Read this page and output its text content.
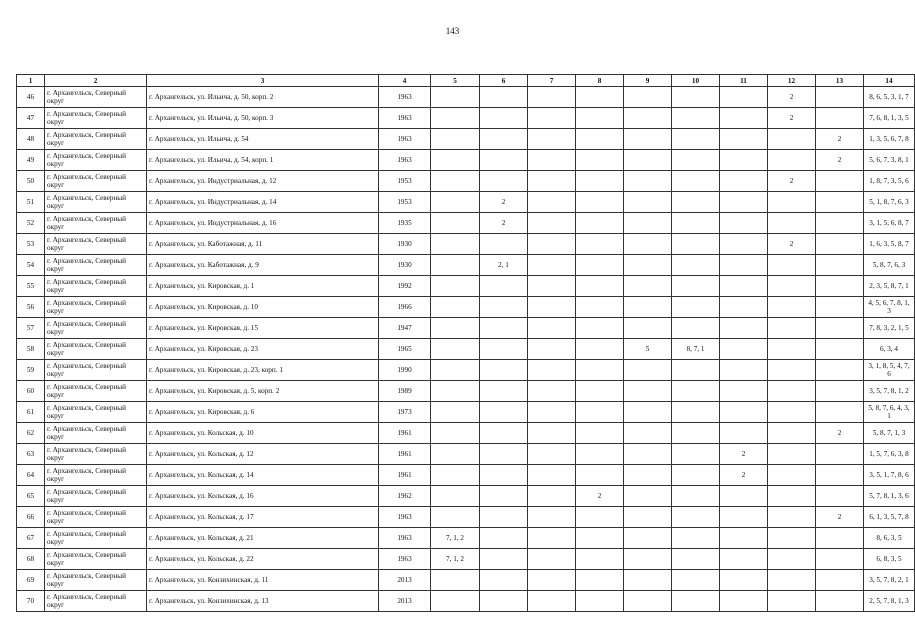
143
1	2	3	4	5	6	7	8	9	10	11	12	13	14
46	г. Архангельск, Северный округ	г. Архангельск, ул. Ильича, д. 50, корп. 2	1963								2		8, 6, 5, 3, 1, 7
47	г. Архангельск, Северный округ	г. Архангельск, ул. Ильича, д. 50, корп. 3	1963								2		7, 6, 8, 1, 3, 5
48	г. Архангельск, Северный округ	г. Архангельск, ул. Ильича, д. 54	1963									2	1, 3, 5, 6, 7, 8
49	г. Архангельск, Северный округ	г. Архангельск, ул. Ильича, д. 54, корп. 1	1963									2	5, 6, 7, 3, 8, 1
50	г. Архангельск, Северный округ	г. Архангельск, ул. Индустриальная, д. 12	1953								2		1, 8, 7, 3, 5, 6
51	г. Архангельск, Северный округ	г. Архангельск, ул. Индустриальная, д. 14	1953		2								5, 1, 8, 7, 6, 3
52	г. Архангельск, Северный округ	г. Архангельск, ул. Индустриальная, д. 16	1935		2								3, 1, 5, 6, 8, 7
53	г. Архангельск, Северный округ	г. Архангельск, ул. Каботажная, д. 11	1930								2		1, 6, 3, 5, 8, 7
54	г. Архангельск, Северный округ	г. Архангельск, ул. Каботажная, д. 9	1930		2, 1								5, 8, 7, 6, 3
55	г. Архангельск, Северный округ	г. Архангельск, ул. Кировская, д. 1	1992										2, 3, 5, 8, 7, 1
56	г. Архангельск, Северный округ	г. Архангельск, ул. Кировская, д. 10	1966										4, 5, 6, 7, 8, 1, 3
57	г. Архангельск, Северный округ	г. Архангельск, ул. Кировская, д. 15	1947										7, 8, 3, 2, 1, 5
58	г. Архангельск, Северный округ	г. Архангельск, ул. Кировская, д. 23	1965					5	8, 7, 1				6, 3, 4
59	г. Архангельск, Северный округ	г. Архангельск, ул. Кировская, д. 23, корп. 1	1990										3, 1, 8, 5, 4, 7, 6
60	г. Архангельск, Северный округ	г. Архангельск, ул. Кировская, д. 5, корп. 2	1989										3, 5, 7, 8, 1, 2
61	г. Архангельск, Северный округ	г. Архангельск, ул. Кировская, д. 6	1973										5, 8, 7, 6, 4, 3, 1
62	г. Архангельск, Северный округ	г. Архангельск, ул. Кольская, д. 10	1961									2	5, 8, 7, 1, 3
63	г. Архангельск, Северный округ	г. Архангельск, ул. Кольская, д. 12	1961							2			1, 5, 7, 6, 3, 8
64	г. Архангельск, Северный округ	г. Архангельск, ул. Кольская, д. 14	1961							2			3, 5, 1, 7, 8, 6
65	г. Архангельск, Северный округ	г. Архангельск, ул. Кольская, д. 16	1962				2						5, 7, 8, 1, 3, 6
66	г. Архангельск, Северный округ	г. Архангельск, ул. Кольская, д. 17	1963									2	6, 1, 3, 5, 7, 8
67	г. Архангельск, Северный округ	г. Архангельск, ул. Кольская, д. 21	1963	7, 1, 2									8, 6, 3, 5
68	г. Архангельск, Северный округ	г. Архангельск, ул. Кольская, д. 22	1963	7, 1, 2									6, 8, 3, 5
69	г. Архангельск, Северный округ	г. Архангельск, ул. Конзихинская, д. 11	2013										3, 5, 7, 8, 2, 1
70	г. Архангельск, Северный округ	г. Архангельск, ул. Конзихинская, д. 13	2013										2, 5, 7, 8, 1, 3
